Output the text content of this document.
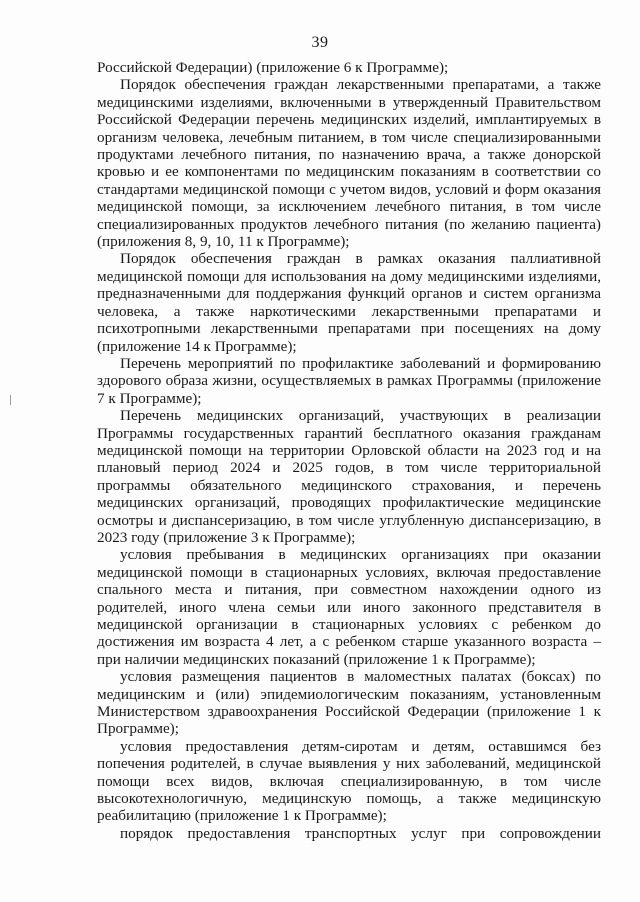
39

Российской Федерации) (приложение 6 к Программе);

Порядок обеспечения граждан лекарственными препаратами, а также медицинскими изделиями, включенными в утвержденный Правительством Российской Федерации перечень медицинских изделий, имплантируемых в организм человека, лечебным питанием, в том числе специализированными продуктами лечебного питания, по назначению врача, а также донорской кровью и ее компонентами по медицинским показаниям в соответствии со стандартами медицинской помощи с учетом видов, условий и форм оказания медицинской помощи, за исключением лечебного питания, в том числе специализированных продуктов лечебного питания (по желанию пациента) (приложения 8, 9, 10, 11 к Программе);

Порядок обеспечения граждан в рамках оказания паллиативной медицинской помощи для использования на дому медицинскими изделиями, предназначенными для поддержания функций органов и систем организма человека, а также наркотическими лекарственными препаратами и психотропными лекарственными препаратами при посещениях на дому (приложение 14 к Программе);

Перечень мероприятий по профилактике заболеваний и формированию здорового образа жизни, осуществляемых в рамках Программы (приложение 7 к Программе);

Перечень медицинских организаций, участвующих в реализации Программы государственных гарантий бесплатного оказания гражданам медицинской помощи на территории Орловской области на 2023 год и на плановый период 2024 и 2025 годов, в том числе территориальной программы обязательного медицинского страхования, и перечень медицинских организаций, проводящих профилактические медицинские осмотры и диспансеризацию, в том числе углубленную диспансеризацию, в 2023 году (приложение 3 к Программе);

условия пребывания в медицинских организациях при оказании медицинской помощи в стационарных условиях, включая предоставление спального места и питания, при совместном нахождении одного из родителей, иного члена семьи или иного законного представителя в медицинской организации в стационарных условиях с ребенком до достижения им возраста 4 лет, а с ребенком старше указанного возраста – при наличии медицинских показаний (приложение 1 к Программе);

условия размещения пациентов в маломестных палатах (боксах) по медицинским и (или) эпидемиологическим показаниям, установленным Министерством здравоохранения Российской Федерации (приложение 1 к Программе);

условия предоставления детям-сиротам и детям, оставшимся без попечения родителей, в случае выявления у них заболеваний, медицинской помощи всех видов, включая специализированную, в том числе высокотехнологичную, медицинскую помощь, а также медицинскую реабилитацию (приложение 1 к Программе);

порядок предоставления транспортных услуг при сопровождении
